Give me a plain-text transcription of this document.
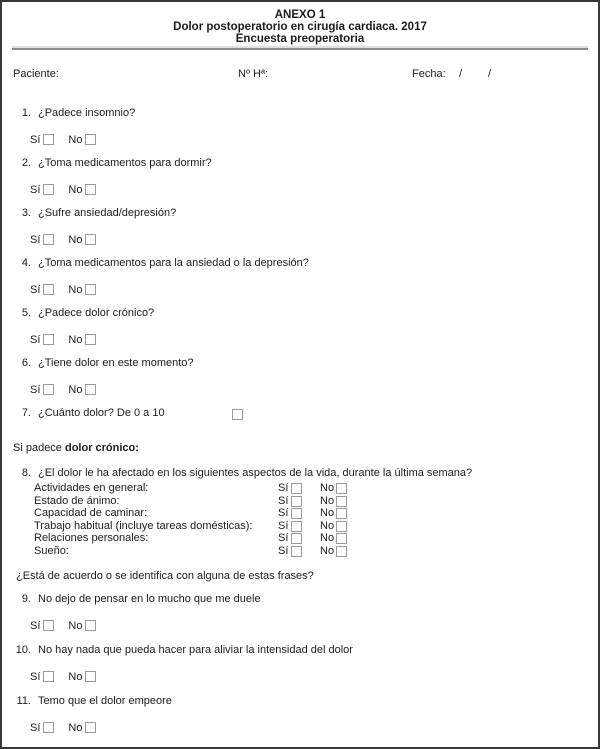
ANEXO 1
Dolor postoperatorio en cirugía cardiaca. 2017
Encuesta preoperatoria
Paciente:	Nº Hª:	Fecha: / /
1. ¿Padece insomnio?
Sí	No
2. ¿Toma medicamentos para dormir?
Sí	No
3. ¿Sufre ansiedad/depresión?
Sí	No
4. ¿Toma medicamentos para la ansiedad o la depresión?
Sí	No
5. ¿Padece dolor crónico?
Sí	No
6. ¿Tiene dolor en este momento?
Sí	No
7. ¿Cuánto dolor? De 0 a 10
Si padece dolor crónico:
8. ¿El dolor le ha afectado en los siguientes aspectos de la vida, durante la última semana?
Actividades en general:	Sí	No
Estado de ánimo:	Sí	No
Capacidad de caminar:	Sí	No
Trabajo habitual (incluye tareas domésticas): Sí	No
Relaciones personales:	Sí	No
Sueño:	Sí	No
¿Está de acuerdo o se identifica con alguna de estas frases?
9. No dejo de pensar en lo mucho que me duele
Sí	No
10. No hay nada que pueda hacer para aliviar la intensidad del dolor
Sí	No
11. Temo que el dolor empeore
Sí	No
